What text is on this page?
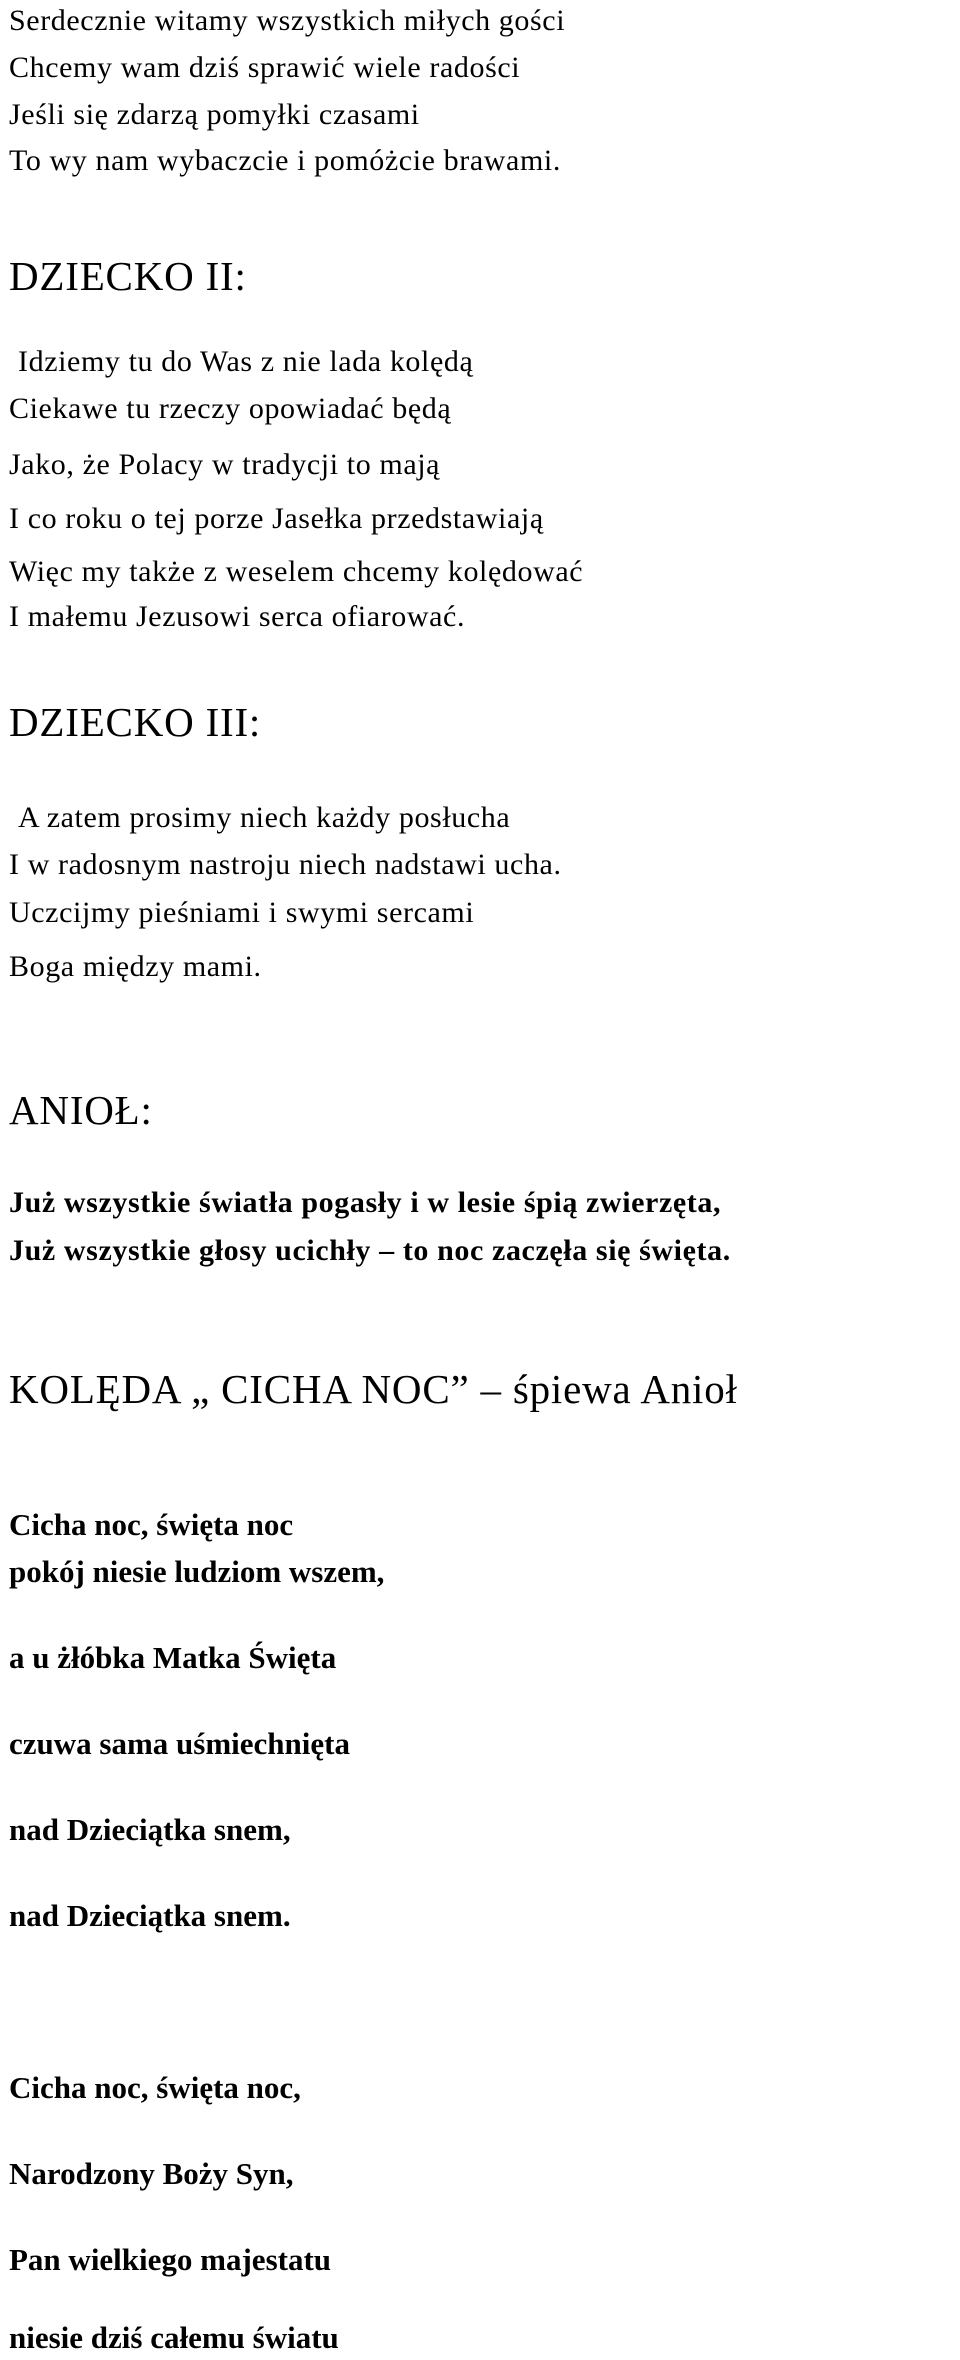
Serdecznie witamy wszystkich miłych gości
Chcemy wam dziś sprawić wiele radości
Jeśli się zdarzą pomyłki czasami
To wy nam wybaczcie i pomóżcie brawami.
DZIECKO II:
Idziemy tu do Was z nie lada kolędą
Ciekawe tu rzeczy opowiadać będą
Jako, że Polacy w tradycji to mają
I co roku o tej porze Jasełka przedstawiają
Więc my także z weselem chcemy kolędować
I małemu Jezusowi serca ofiarować.
DZIECKO III:
A zatem prosimy niech każdy posłucha
I w radosnym nastroju niech nadstawi ucha.
Uczcijmy pieśniami i swymi sercami
Boga między mami.
ANIOŁ:
Już wszystkie światła pogasły i w lesie śpią zwierzęta,
Już wszystkie głosy ucichły – to noc zaczęła się święta.
KOLĘDA „ CICHA NOC” – śpiewa Anioł
Cicha noc, święta noc
pokój niesie ludziom wszem,
a u żłóbka Matka Święta
czuwa sama uśmiechnięta
nad Dzieciątka snem,
nad Dzieciątka snem.
Cicha noc, święta noc,
Narodzony Boży Syn,
Pan wielkiego majestatu
niesie dziś całemu światu
